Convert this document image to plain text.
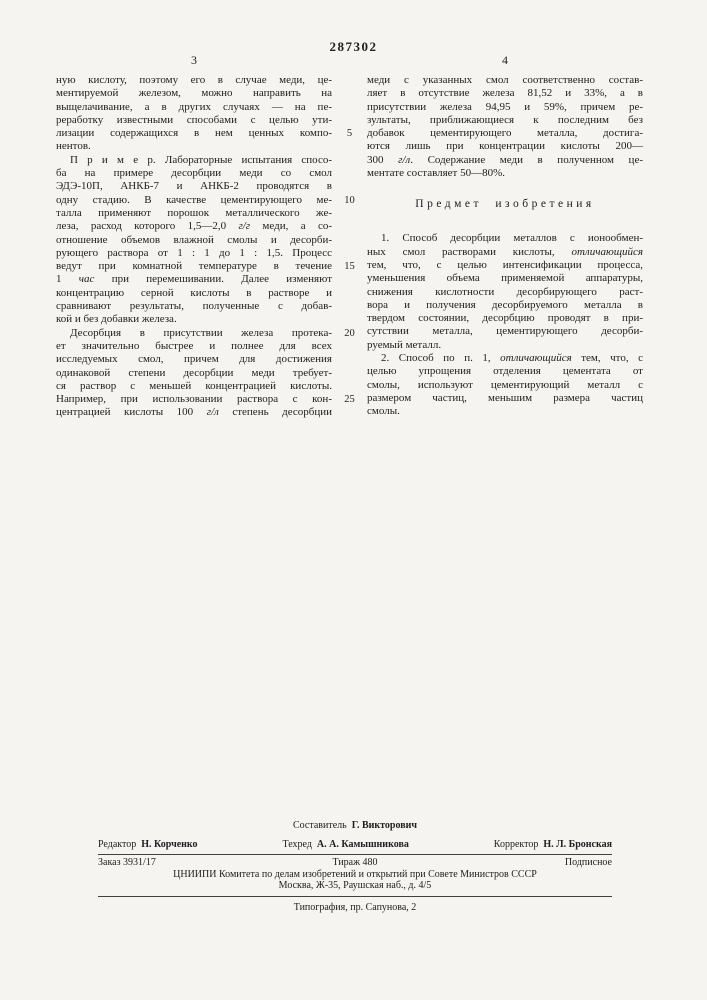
287302
3	4
ную кислоту, поэтому его в случае меди, це-
ментируемой железом, можно направить на
выщелачивание, а в других случаях — на пе-
реработку известными способами с целью ути-
лизации содержащихся в нем ценных компо-
нентов.
П р и м е р. Лабораторные испытания спосо-
ба на примере десорбции меди со смол
ЭДЭ-10П, АНКБ-7 и АНКБ-2 проводятся в
одну стадию. В качестве цементирующего ме-
талла применяют порошок металлического же-
леза, расход которого 1,5—2,0 г/г меди, а со-
отношение объемов влажной смолы и десорби-
рующего раствора от 1 : 1 до 1 : 1,5. Процесс
ведут при комнатной температуре в течение
1 час при перемешивании. Далее изменяют
концентрацию серной кислоты в растворе и
сравнивают результаты, полученные с добав-
кой и без добавки железа.
Десорбция в присутствии железа протека-
ет значительно быстрее и полнее для всех
исследуемых смол, причем для достижения
одинаковой степени десорбции меди требует-
ся раствор с меньшей концентрацией кислоты.
Например, при использовании раствора с кон-
центрацией кислоты 100 г/л степень десорбции
5
10
15
20
25
меди с указанных смол соответственно состав-
ляет в отсутствие железа 81,52 и 33%, а в
присутствии железа 94,95 и 59%, причем ре-
зультаты, приближающиеся к последним без
добавок цементирующего металла, достига-
ются лишь при концентрации кислоты 200—
300 г/л. Содержание меди в полученном це-
ментате составляет 50—80%.
Предмет изобретения
1. Способ десорбции металлов с ионообмен-
ных смол растворами кислоты, отличающийся
тем, что, с целью интенсификации процесса,
уменьшения объема применяемой аппаратуры,
снижения кислотности десорбирующего раст-
вора и получения десорбируемого металла в
твердом состоянии, десорбцию проводят в при-
сутствии металла, цементирующего десорби-
руемый металл.
2. Способ по п. 1, отличающийся тем, что, с
целью упрощения отделения цементата от
смолы, используют цементирующий металл с
размером частиц, меньшим размера частиц
смолы.
Составитель Г. Викторович
Редактор Н. Корченко	Техред А. А. Камышникова	Корректор Н. Л. Бронская
Заказ 3931/17	Тираж 480	Подписное
ЦНИИПИ Комитета по делам изобретений и открытий при Совете Министров СССР
Москва, Ж-35, Раушская наб., д. 4/5
Типография, пр. Сапунова, 2
